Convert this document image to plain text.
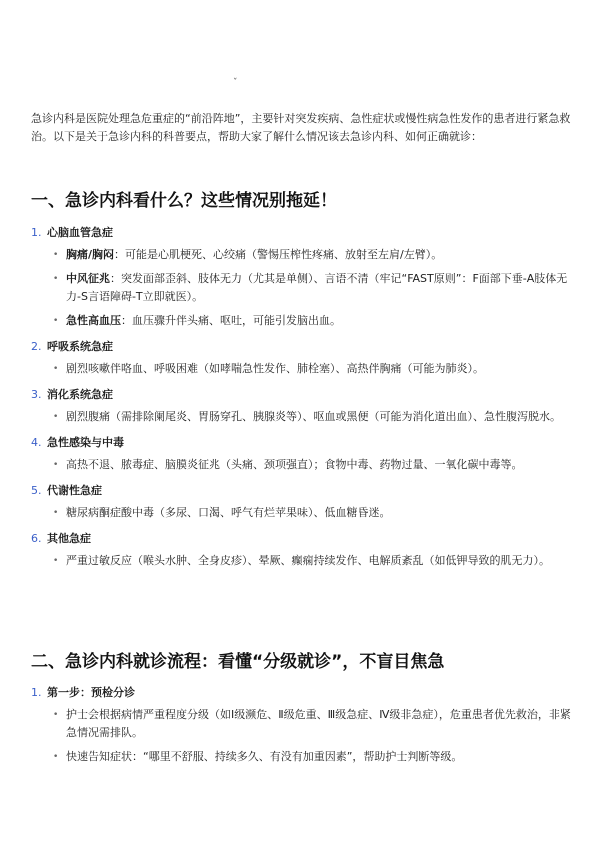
ˇ

急诊内科是医院处理急危重症的“前沿阵地”，主要针对突发疾病、急性症状或慢性病急性发作的患者进行紧急救治。以下是关于急诊内科的科普要点，帮助大家了解什么情况该去急诊内科、如何正确就诊：

一、急诊内科看什么？这些情况别拖延！
1. 心脑血管急症
• 胸痛/胸闷：可能是心肌梗死、心绞痛（警惕压榨性疼痛、放射至左肩/左臂）。
• 中风征兆：突发面部歪斜、肢体无力（尤其是单侧）、言语不清（牢记“FAST原则”：F面部下垂-A肢体无力-S言语障碍-T立即就医）。
• 急性高血压：血压骤升伴头痛、呕吐，可能引发脑出血。
2. 呼吸系统急症
• 剧烈咳嗽伴咯血、呼吸困难（如哮喘急性发作、肺栓塞）、高热伴胸痛（可能为肺炎）。
3. 消化系统急症
• 剧烈腹痛（需排除阑尾炎、胃肠穿孔、胰腺炎等）、呕血或黑便（可能为消化道出血）、急性腹泻脱水。
4. 急性感染与中毒
• 高热不退、脓毒症、脑膜炎征兆（头痛、颈项强直）；食物中毒、药物过量、一氧化碳中毒等。
5. 代谢性急症
• 糖尿病酮症酸中毒（多尿、口渴、呼气有烂苹果味）、低血糖昏迷。
6. 其他急症
• 严重过敏反应（喉头水肿、全身皮疹）、晕厥、癫痫持续发作、电解质紊乱（如低钾导致的肌无力）。
二、急诊内科就诊流程：看懂“分级就诊”，不盲目焦急
1. 第一步：预检分诊
• 护士会根据病情严重程度分级（如Ⅰ级濒危、Ⅱ级危重、Ⅲ级急症、Ⅳ级非急症），危重患者优先救治，非紧急情况需排队。
• 快速告知症状：“哪里不舒服、持续多久、有没有加重因素”，帮助护士判断等级。
